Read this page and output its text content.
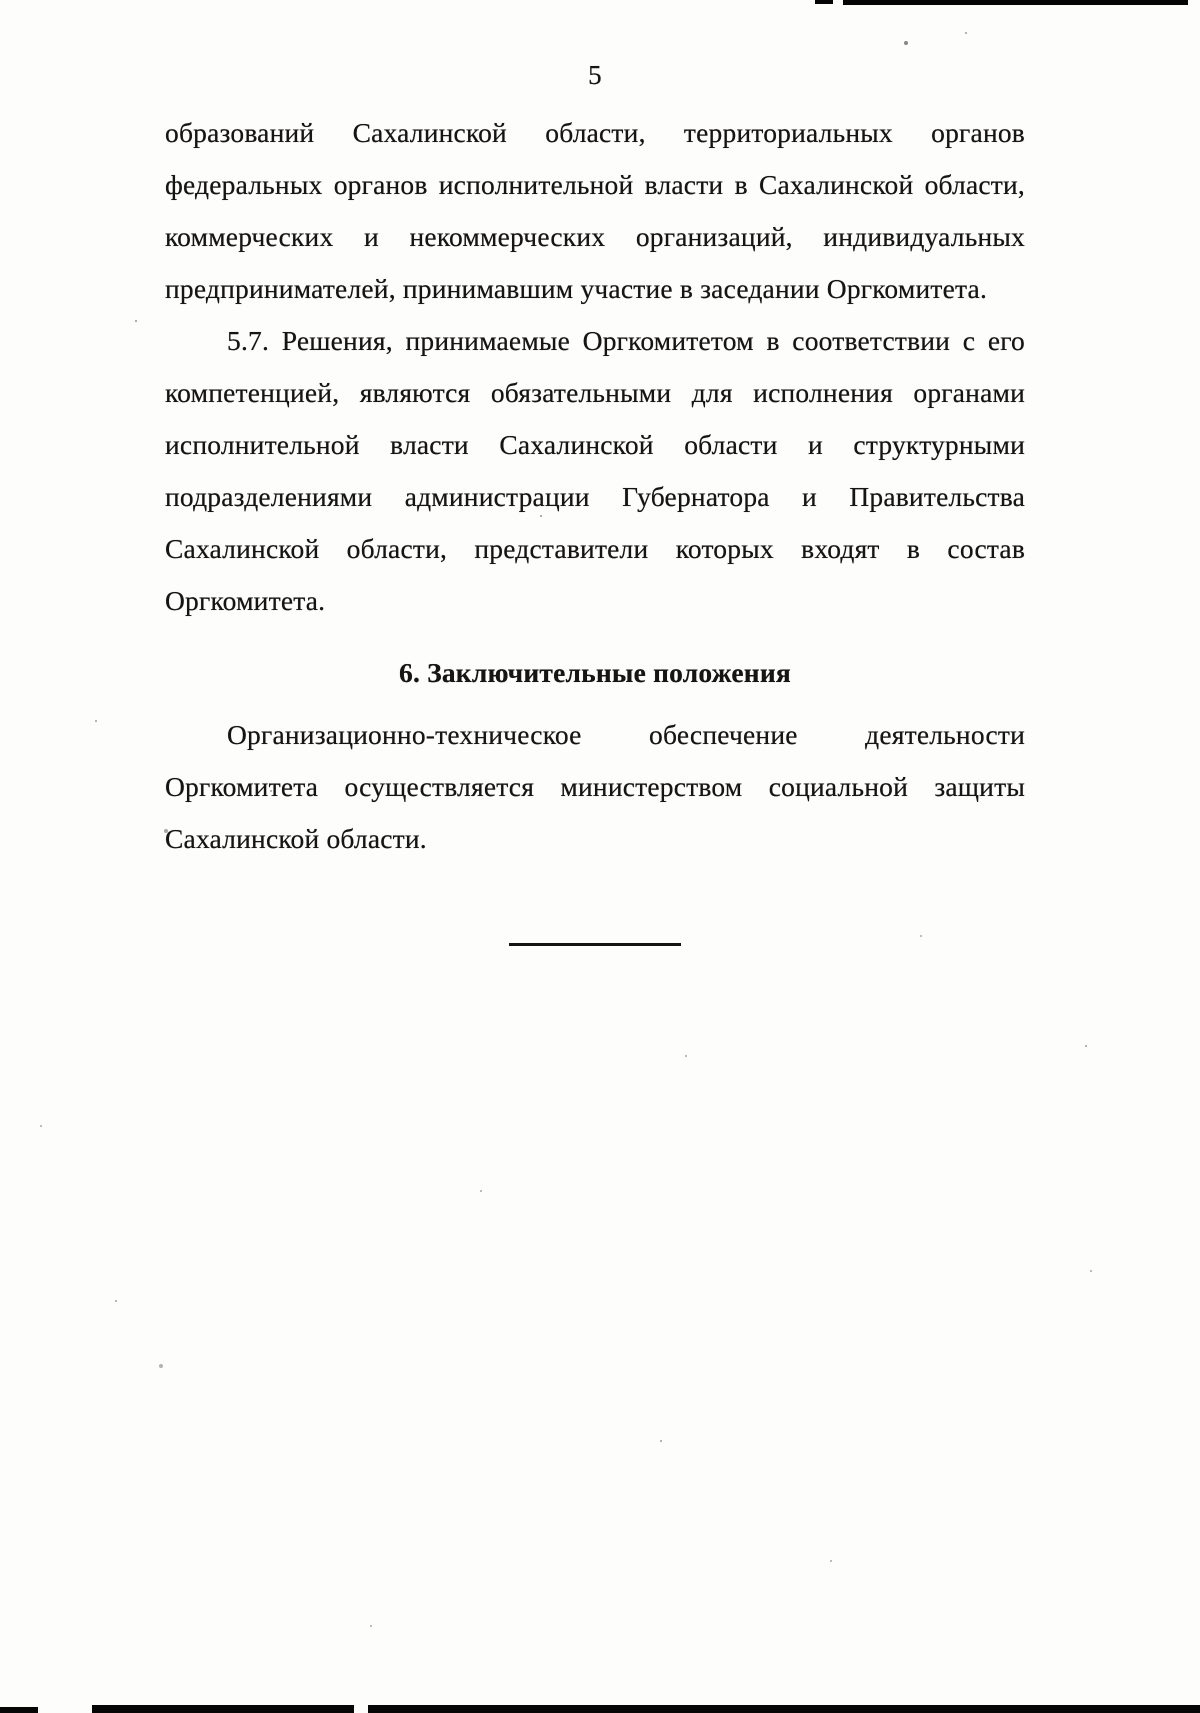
5

образований Сахалинской области, территориальных органов федеральных органов исполнительной власти в Сахалинской области, коммерческих и некоммерческих организаций, индивидуальных предпринимателей, принимавшим участие в заседании Оргкомитета.

5.7. Решения, принимаемые Оргкомитетом в соответствии с его компетенцией, являются обязательными для исполнения органами исполнительной власти Сахалинской области и структурными подразделениями администрации Губернатора и Правительства Сахалинской области, представители которых входят в состав Оргкомитета.

6. Заключительные положения

Организационно-техническое обеспечение деятельности Оргкомитета осуществляется министерством социальной защиты Сахалинской области.
